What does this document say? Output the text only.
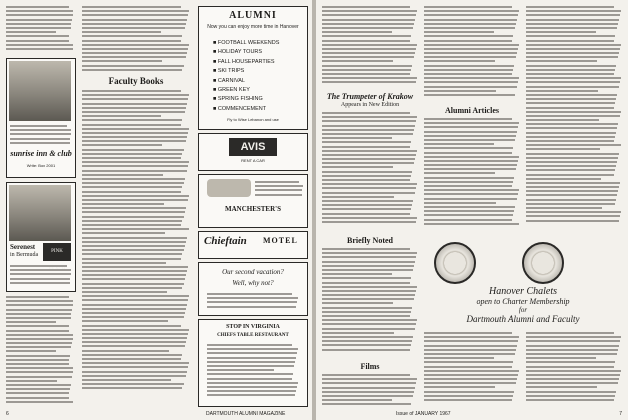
sunrise inn & club
Write: Box 2001
Serenest
in Bermuda
PINK
Faculty Books
ALUMNI
Now you can enjoy more time in Hanover
■ FOOTBALL WEEKENDS
■ HOLIDAY TOURS
■ FALL HOUSEPARTIES
■ SKI TRIPS
■ CARNIVAL
■ GREEN KEY
■ SPRING FISHING
■ COMMENCEMENT
Fly to Wise Lebanon and use
AVIS
RENT A CAR
MANCHESTER'S
Chieftain MOTEL
Our second vacation?
Well, why not?
STOP IN VIRGINIA
CHIEFS TABLE RESTAURANT
6	DARTMOUTH ALUMNI MAGAZINE
The Trumpeter of Krakow
Appears in New Edition
Briefly Noted
Films
Alumni Articles
Hanover Chalets
open to Charter Membership
for
Dartmouth Alumni and Faculty
Issue of JANUARY 1967	7
